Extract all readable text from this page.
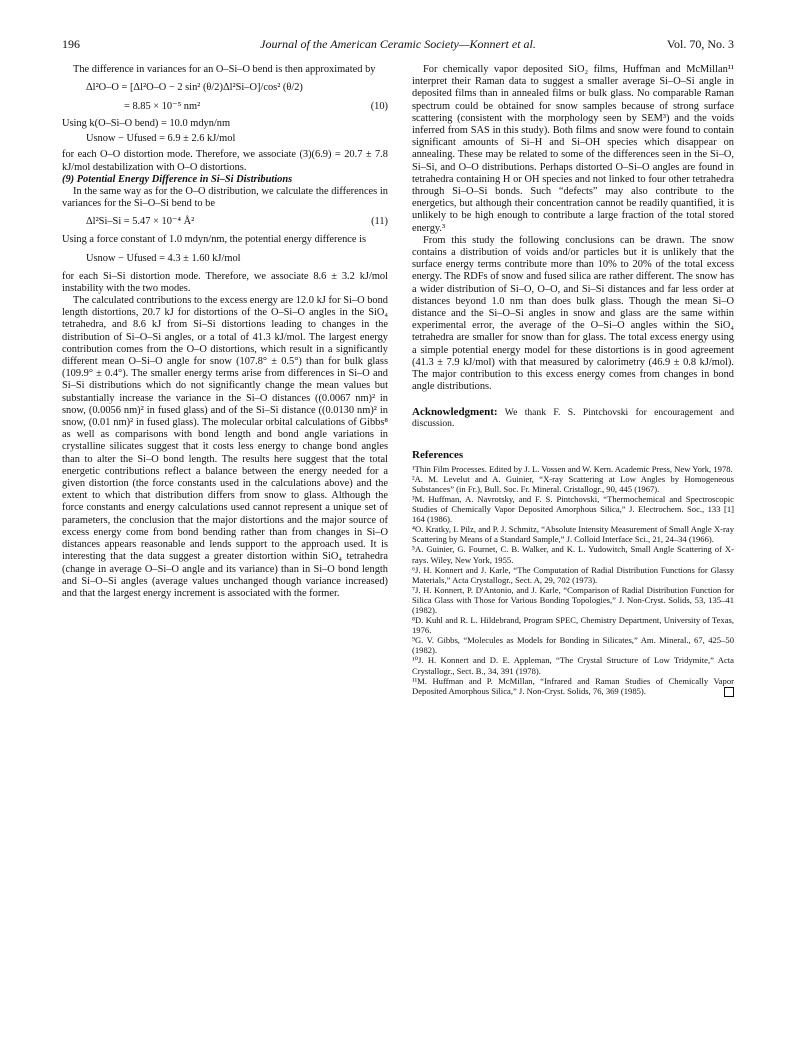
196	Journal of the American Ceramic Society—Konnert et al.	Vol. 70, No. 3

The difference in variances for an O–Si–O bend is then approximated by

Δl²O–O = [Δl²O–O − 2 sin² (θ/2)Δl²Si–O]/cos² (θ/2)
= 8.85 × 10⁻⁵ nm²	(10)

Using k(O–Si–O bend) = 10.0 mdyn/nm

Usnow − Ufused = 6.9 ± 2.6 kJ/mol

for each O–O distortion mode. Therefore, we associate (3)(6.9) = 20.7 ± 7.8 kJ/mol destabilization with O–O distortions.

(9) Potential Energy Difference in Si–Si Distributions

In the same way as for the O–O distribution, we calculate the differences in variances for the Si–O–Si bend to be

Δl²Si–Si = 5.47 × 10⁻⁴ Å²	(11)

Using a force constant of 1.0 mdyn/nm, the potential energy difference is

Usnow − Ufused = 4.3 ± 1.60 kJ/mol

for each Si–Si distortion mode. Therefore, we associate 8.6 ± 3.2 kJ/mol instability with the two modes.

The calculated contributions to the excess energy are 12.0 kJ for Si–O bond length distortions, 20.7 kJ for distortions of the O–Si–O angles in the SiO₄ tetrahedra, and 8.6 kJ from Si–Si distortions leading to changes in the distribution of Si–O–Si angles, or a total of 41.3 kJ/mol. The largest energy contribution comes from the O–O distortions, which result in a significantly different mean O–Si–O angle for snow (107.8° ± 0.5°) than for bulk glass (109.9° ± 0.4°). The smaller energy terms arise from differences in Si–O and Si–Si distributions which do not significantly change the mean values but substantially increase the variance in the Si–O distances ((0.0067 nm)² in snow, (0.0056 nm)² in fused glass) and of the Si–Si distance ((0.0130 nm)² in snow, (0.01 nm)² in fused glass). The molecular orbital calculations of Gibbs⁸ as well as comparisons with bond length and bond angle variations in crystalline silicates suggest that it costs less energy to change bond angles than to alter the Si–O bond length. The results here suggest that the total energetic contributions reflect a balance between the energy needed for a given distortion (the force constants used in the calculations above) and the extent to which that distribution differs from snow to glass. Although the force constants and energy calculations used cannot represent a unique set of parameters, the conclusion that the major distortions and the major source of excess energy come from bond bending rather than from changes in Si–O distances appears reasonable and lends support to the approach used. It is interesting that the data suggest a greater distortion within SiO₄ tetrahedra (change in average O–Si–O angle and its variance) than in Si–O bond length and Si–O–Si angles (average values unchanged though variance increased) and that the largest energy increment is associated with the former.

For chemically vapor deposited SiO₂ films, Huffman and McMillan¹¹ interpret their Raman data to suggest a smaller average Si–O–Si angle in deposited films than in annealed films or bulk glass. No comparable Raman spectrum could be obtained for snow samples because of strong surface scattering (consistent with the morphology seen by SEM³) and the voids inferred from SAS in this study). Both films and snow were found to contain significant amounts of Si–H and Si–OH species which disappear on annealing. These may be related to some of the differences seen in the Si–O, Si–Si, and O–O distributions. Perhaps distorted O–Si–O angles are found in tetrahedra containing H or OH species and not linked to four other tetrahedra through Si–O–Si bonds. Such “defects” may also contribute to the energetics, but although their concentration cannot be readily quantified, it is unlikely to be high enough to contribute a large fraction of the total stored energy.³

From this study the following conclusions can be drawn. The snow contains a distribution of voids and/or particles but it is unlikely that the surface energy terms contribute more than 10% to 20% of the total excess energy. The RDFs of snow and fused silica are rather different. The snow has a wider distribution of Si–O, O–O, and Si–Si distances and far less order at distances beyond 1.0 nm than does bulk glass. Though the mean Si–O distance and the Si–O–Si angles in snow and glass are the same within experimental error, the average of the O–Si–O angles within the SiO₄ tetrahedra are smaller for snow than for glass. The total excess energy using a simple potential energy model for these distortions is in good agreement (41.3 ± 7.9 kJ/mol) with that measured by calorimetry (46.9 ± 0.8 kJ/mol). The major contribution to this excess energy comes from changes in bond angle distributions.

Acknowledgment: We thank F. S. Pintchovski for encouragement and discussion.
References
¹Thin Film Processes. Edited by J. L. Vossen and W. Kern. Academic Press, New York, 1978.
²A. M. Levelut and A. Guinier, “X-ray Scattering at Low Angles by Homogeneous Substances” (in Fr.), Bull. Soc. Fr. Mineral. Cristallogr., 90, 445 (1967).
³M. Huffman, A. Navrotsky, and F. S. Pintchovski, “Thermochemical and Spectroscopic Studies of Chemically Vapor Deposited Amorphous Silica,” J. Electrochem. Soc., 133 [1] 164 (1986).
⁴O. Kratky, I. Pilz, and P. J. Schmitz, “Absolute Intensity Measurement of Small Angle X-ray Scattering by Means of a Standard Sample,” J. Colloid Interface Sci., 21, 24–34 (1966).
⁵A. Guinier, G. Fournet, C. B. Walker, and K. L. Yudowitch, Small Angle Scattering of X-rays. Wiley, New York, 1955.
⁶J. H. Konnert and J. Karle, “The Computation of Radial Distribution Functions for Glassy Materials,” Acta Crystallogr., Sect. A, 29, 702 (1973).
⁷J. H. Konnert, P. D'Antonio, and J. Karle, “Comparison of Radial Distribution Function for Silica Glass with Those for Various Bonding Topologies,” J. Non-Cryst. Solids, 53, 135–41 (1982).
⁸D. Kuhl and R. L. Hildebrand, Program SPEC, Chemistry Department, University of Texas, 1976.
⁹G. V. Gibbs, “Molecules as Models for Bonding in Silicates,” Am. Mineral., 67, 425–50 (1982).
¹⁰J. H. Konnert and D. E. Appleman, “The Crystal Structure of Low Tridymite,” Acta Crystallogr., Sect. B., 34, 391 (1978).
¹¹M. Huffman and P. McMillan, “Infrared and Raman Studies of Chemically Vapor Deposited Amorphous Silica,” J. Non-Cryst. Solids, 76, 369 (1985).
